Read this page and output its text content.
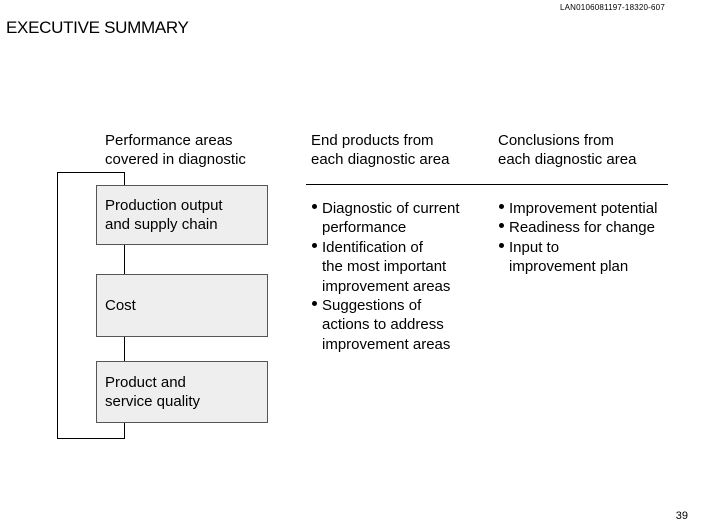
LAN0106081197-18320-607
EXECUTIVE SUMMARY
Performance areas
covered in diagnostic
End products from
each diagnostic area
Conclusions from
each diagnostic area
Production output
and supply chain
Cost
Product and
service quality
Diagnostic of current
performance
Identification of
the most important
improvement areas
Suggestions of
actions to address
improvement areas
Improvement potential
Readiness for change
Input to
improvement plan
39
